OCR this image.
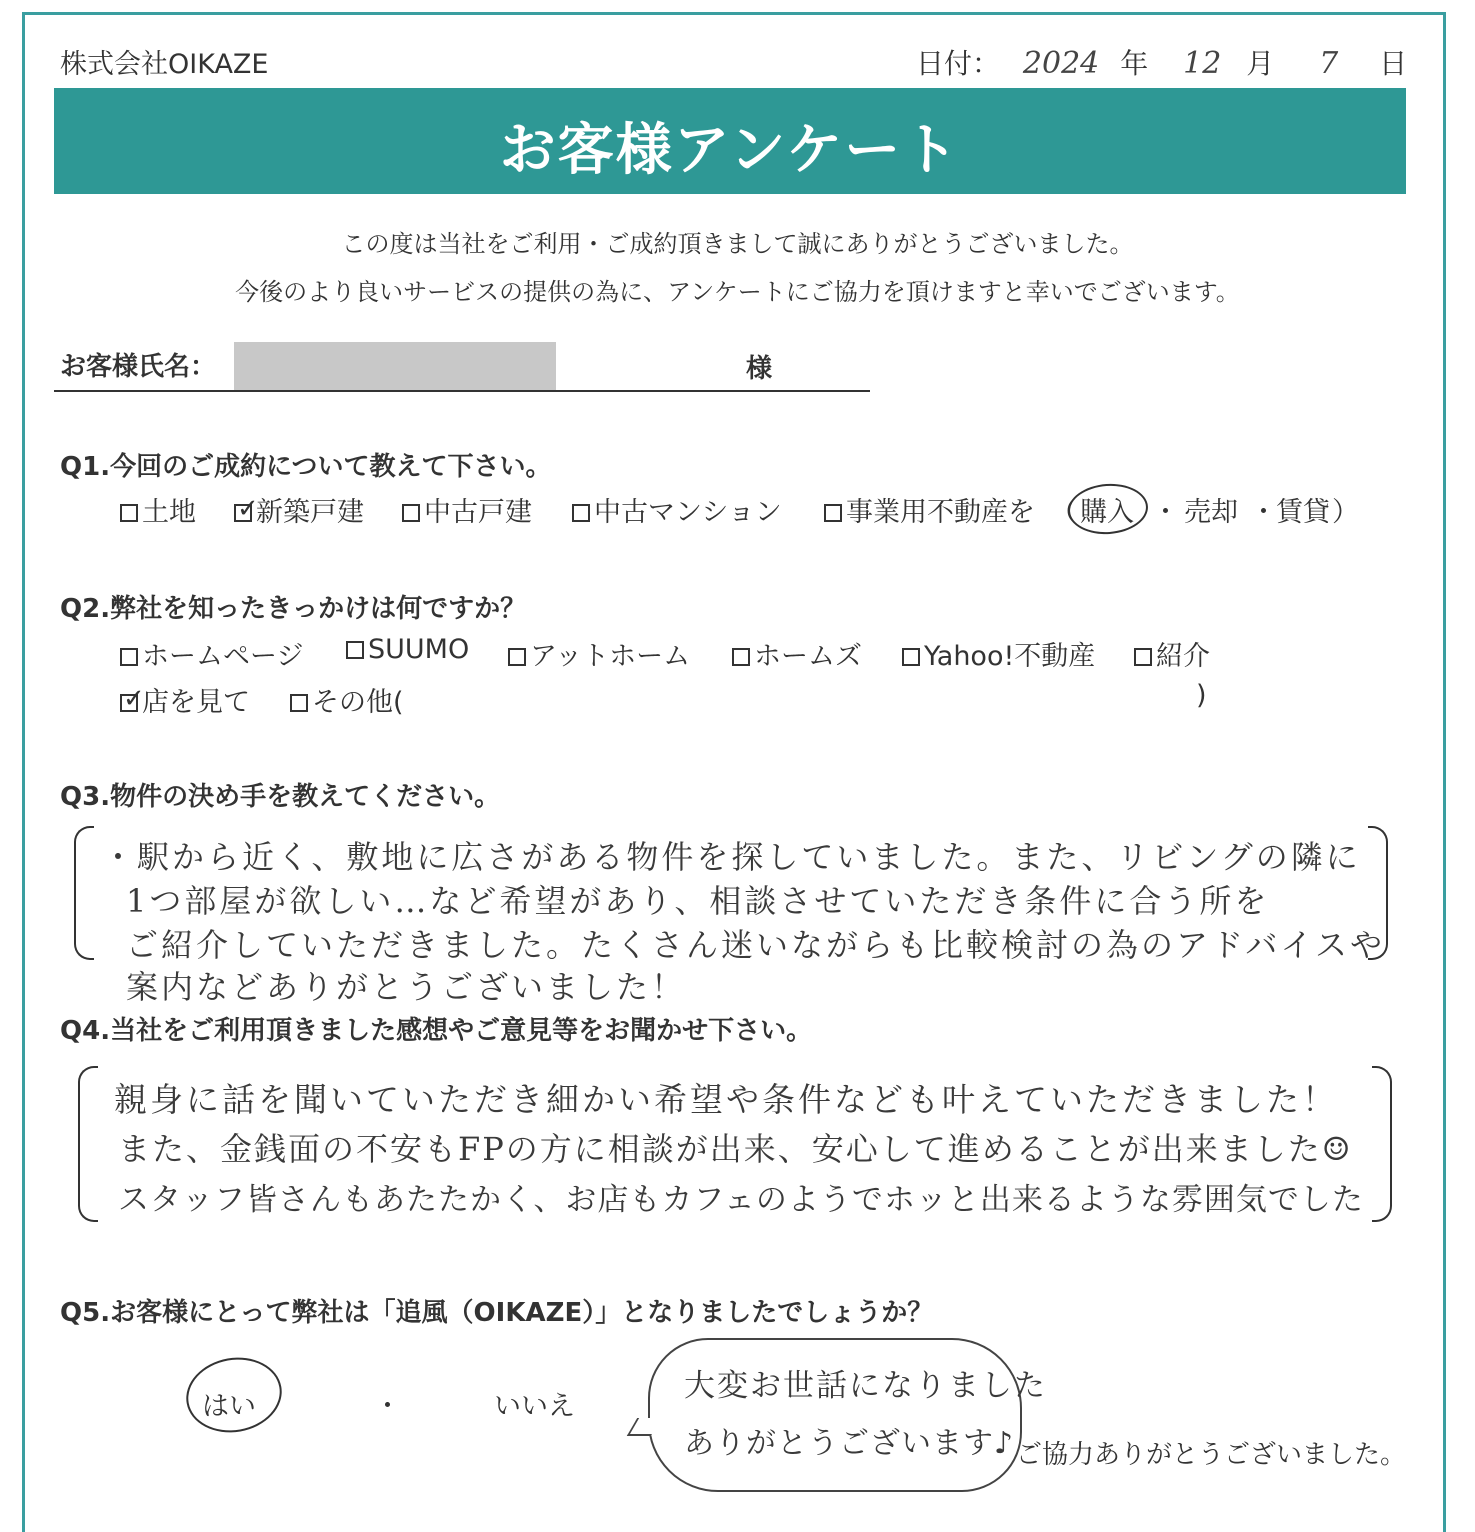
株式会社OIKAZE	日付： 2024 年 12 月 7 日
お客様アンケート
この度は当社をご利用・ご成約頂きまして誠にありがとうございました。
今後のより良いサービスの提供の為に、アンケートにご協力を頂けますと幸いでございます。
お客様氏名：	様
Q1.今回のご成約について教えて下さい。
土地 ✓
新築戸建	中古戸建	中古マンション	事業用不動産を （ 購入 ・ 売却 ・ 賃貸 ）
Q2.弊社を知ったきっかけは何ですか？
ホームページ	SUUMO	アットホーム	ホームズ	Yahoo!不動産	紹介
✓
店を見て	その他(	)
Q3.物件の決め手を教えてください。
・駅から近く、敷地に広さがある物件を探していました。また、リビングの隣に
1つ部屋が欲しい…など希望があり、相談させていただき条件に合う所を
ご紹介していただきました。たくさん迷いながらも比較検討の為のアドバイスや
案内などありがとうございました！
Q4.当社をご利用頂きました感想やご意見等をお聞かせ下さい。
親身に話を聞いていただき細かい希望や条件なども叶えていただきました！
また、金銭面の不安もFPの方に相談が出来、安心して進めることが出来ました☺
スタッフ皆さんもあたたかく、お店もカフェのようでホッと出来るような雰囲気でした
Q5.お客様にとって弊社は「追風（OIKAZE）」となりましたでしょうか？
はい	・	いいえ
大変お世話になりました
ありがとうございます♪ ご協力ありがとうございました。
